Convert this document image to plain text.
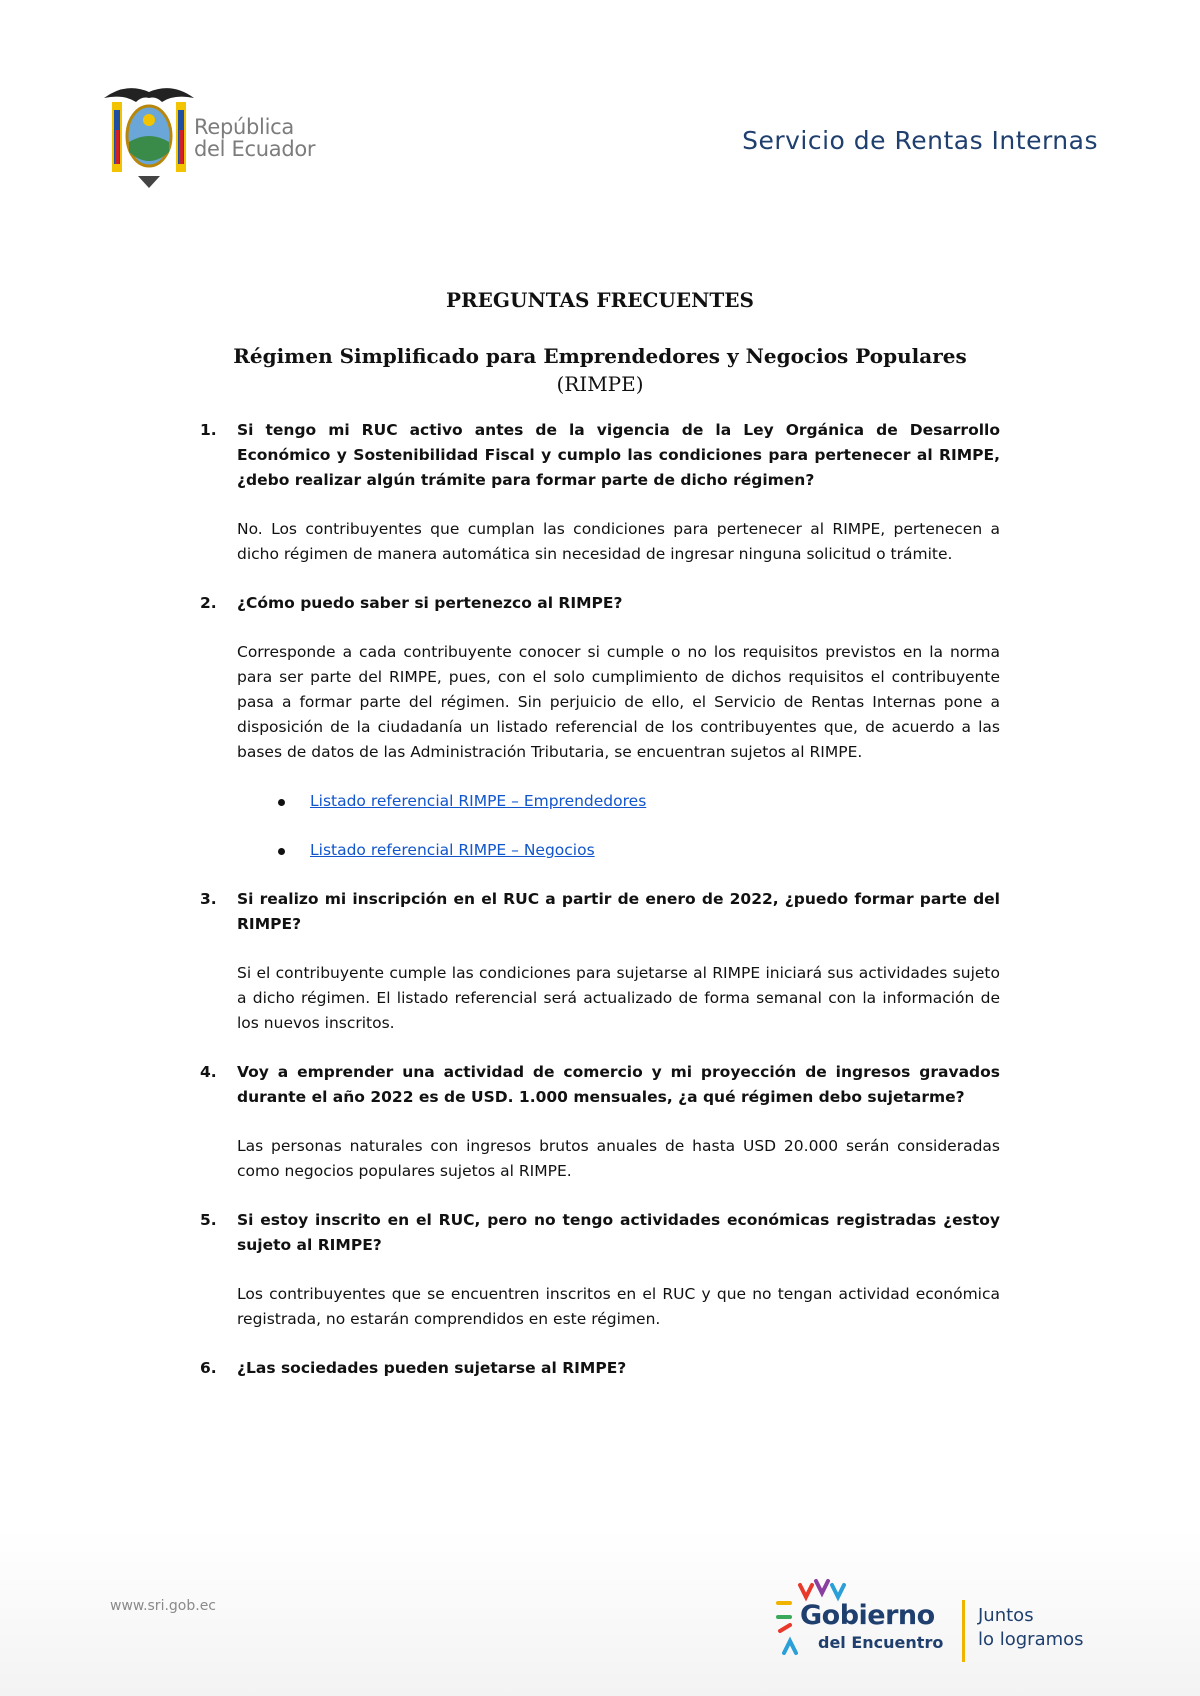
República
del Ecuador	Servicio de Rentas Internas
PREGUNTAS FRECUENTES
Régimen Simplificado para Emprendedores y Negocios Populares
(RIMPE)

1. Si tengo mi RUC activo antes de la vigencia de la Ley Orgánica de Desarrollo Económico y Sostenibilidad Fiscal y cumplo las condiciones para pertenecer al RIMPE, ¿debo realizar algún trámite para formar parte de dicho régimen?

No. Los contribuyentes que cumplan las condiciones para pertenecer al RIMPE, pertenecen a dicho régimen de manera automática sin necesidad de ingresar ninguna solicitud o trámite.

2. ¿Cómo puedo saber si pertenezco al RIMPE?

Corresponde a cada contribuyente conocer si cumple o no los requisitos previstos en la norma para ser parte del RIMPE, pues, con el solo cumplimiento de dichos requisitos el contribuyente pasa a formar parte del régimen. Sin perjuicio de ello, el Servicio de Rentas Internas pone a disposición de la ciudadanía un listado referencial de los contribuyentes que, de acuerdo a las bases de datos de las Administración Tributaria, se encuentran sujetos al RIMPE.

Listado referencial RIMPE – Emprendedores
Listado referencial RIMPE – Negocios

3. Si realizo mi inscripción en el RUC a partir de enero de 2022, ¿puedo formar parte del RIMPE?

Si el contribuyente cumple las condiciones para sujetarse al RIMPE iniciará sus actividades sujeto a dicho régimen. El listado referencial será actualizado de forma semanal con la información de los nuevos inscritos.

4. Voy a emprender una actividad de comercio y mi proyección de ingresos gravados durante el año 2022 es de USD. 1.000 mensuales, ¿a qué régimen debo sujetarme?

Las personas naturales con ingresos brutos anuales de hasta USD 20.000 serán consideradas como negocios populares sujetos al RIMPE.

5. Si estoy inscrito en el RUC, pero no tengo actividades económicas registradas ¿estoy sujeto al RIMPE?

Los contribuyentes que se encuentren inscritos en el RUC y que no tengan actividad económica registrada, no estarán comprendidos en este régimen.

6. ¿Las sociedades pueden sujetarse al RIMPE?

www.sri.gob.ec	Gobierno
del Encuentro
Juntos
lo logramos
